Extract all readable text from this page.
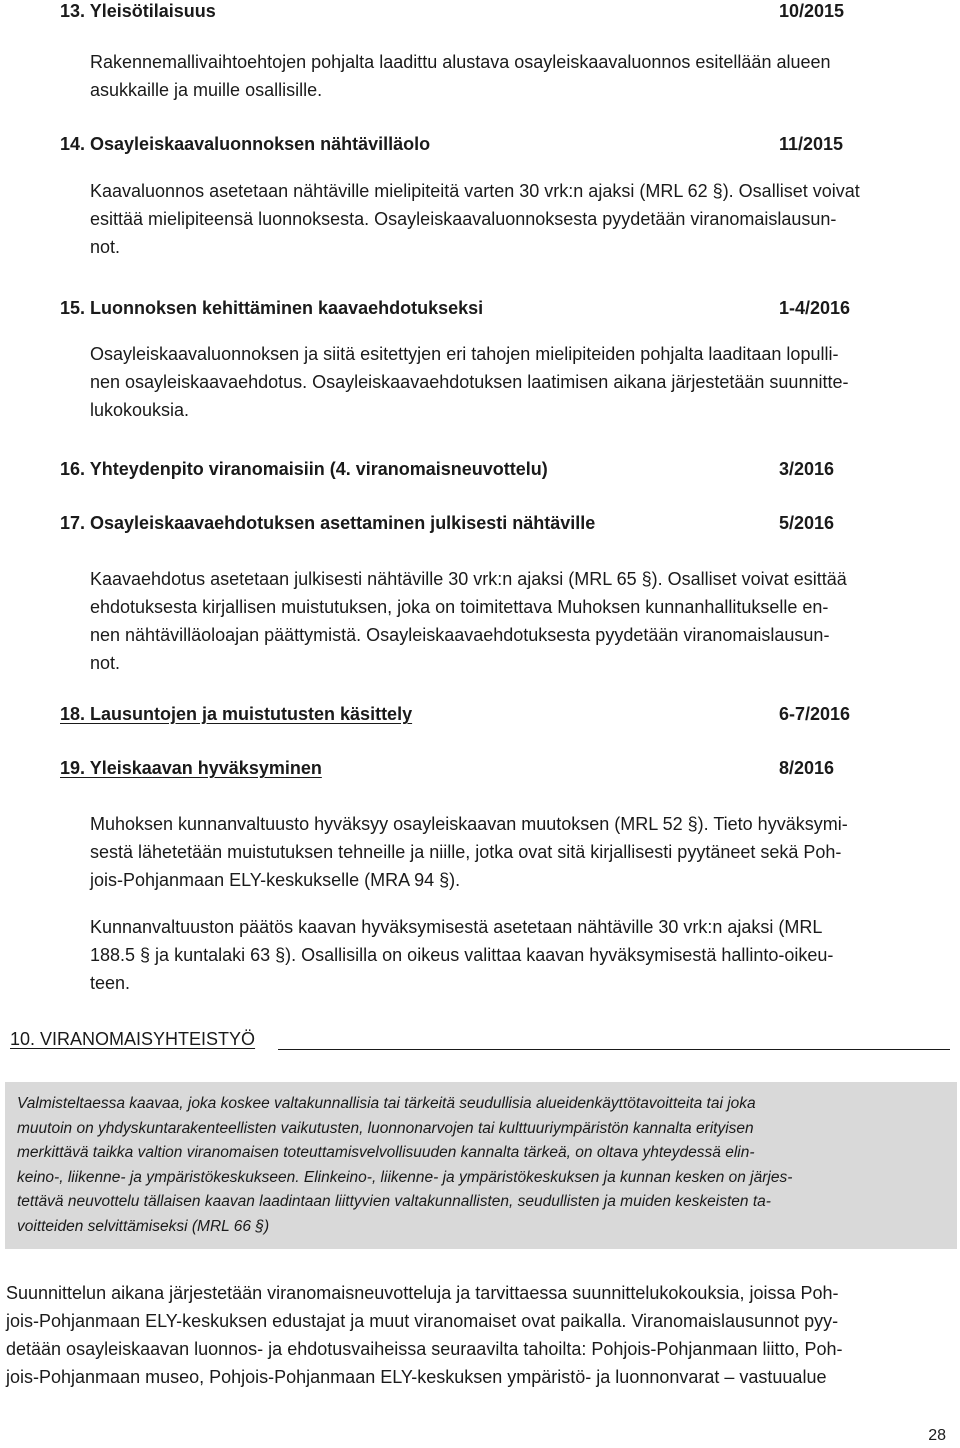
13. Yleisötilaisuus	10/2015
Rakennemallivaihtoehtojen pohjalta laadittu alustava osayleiskaavaluonnos esitellään alueen
asukkaille ja muille osallisille.
14. Osayleiskaavaluonnoksen nähtävilläolo	11/2015
Kaavaluonnos asetetaan nähtäville mielipiteitä varten 30 vrk:n ajaksi (MRL 62 §). Osalliset voivat
esittää mielipiteensä luonnoksesta. Osayleiskaavaluonnoksesta pyydetään viranomaislausun-
not.
15. Luonnoksen kehittäminen kaavaehdotukseksi	1-4/2016
Osayleiskaavaluonnoksen ja siitä esitettyjen eri tahojen mielipiteiden pohjalta laaditaan lopulli-
nen osayleiskaavaehdotus. Osayleiskaavaehdotuksen laatimisen aikana järjestetään suunnitte-
lukokouksia.
16. Yhteydenpito viranomaisiin (4. viranomaisneuvottelu)	3/2016
17. Osayleiskaavaehdotuksen asettaminen julkisesti nähtäville	5/2016
Kaavaehdotus asetetaan julkisesti nähtäville 30 vrk:n ajaksi (MRL 65 §). Osalliset voivat esittää
ehdotuksesta kirjallisen muistutuksen, joka on toimitettava Muhoksen kunnanhallitukselle en-
nen nähtävilläoloajan päättymistä. Osayleiskaavaehdotuksesta pyydetään viranomaislausun-
not.
18. Lausuntojen ja muistutusten käsittely	6-7/2016
19. Yleiskaavan hyväksyminen	8/2016
Muhoksen kunnanvaltuusto hyväksyy osayleiskaavan muutoksen (MRL 52 §). Tieto hyväksymi-
sestä lähetetään muistutuksen tehneille ja niille, jotka ovat sitä kirjallisesti pyytäneet sekä Poh-
jois-Pohjanmaan ELY-keskukselle (MRA 94 §).
Kunnanvaltuuston päätös kaavan hyväksymisestä asetetaan nähtäville 30 vrk:n ajaksi (MRL
188.5 § ja kuntalaki 63 §). Osallisilla on oikeus valittaa kaavan hyväksymisestä hallinto-oikeu-
teen.
10. VIRANOMAISYHTEISTYÖ

Valmisteltaessa kaavaa, joka koskee valtakunnallisia tai tärkeitä seudullisia alueidenkäyttötavoitteita tai joka
muutoin on yhdyskuntarakenteellisten vaikutusten, luonnonarvojen tai kulttuuriympäristön kannalta erityisen
merkittävä taikka valtion viranomaisen toteuttamisvelvollisuuden kannalta tärkeä, on oltava yhteydessä elin-
keino-, liikenne- ja ympäristökeskukseen. Elinkeino-, liikenne- ja ympäristökeskuksen ja kunnan kesken on järjes-
tettävä neuvottelu tällaisen kaavan laadintaan liittyvien valtakunnallisten, seudullisten ja muiden keskeisten ta-
voitteiden selvittämiseksi (MRL 66 §)

Suunnittelun aikana järjestetään viranomaisneuvotteluja ja tarvittaessa suunnittelukokouksia, joissa Poh-
jois-Pohjanmaan ELY-keskuksen edustajat ja muut viranomaiset ovat paikalla. Viranomaislausunnot pyy-
detään osayleiskaavan luonnos- ja ehdotusvaiheissa seuraavilta tahoilta: Pohjois-Pohjanmaan liitto, Poh-
jois-Pohjanmaan museo, Pohjois-Pohjanmaan ELY-keskuksen ympäristö- ja luonnonvarat – vastuualue
28
